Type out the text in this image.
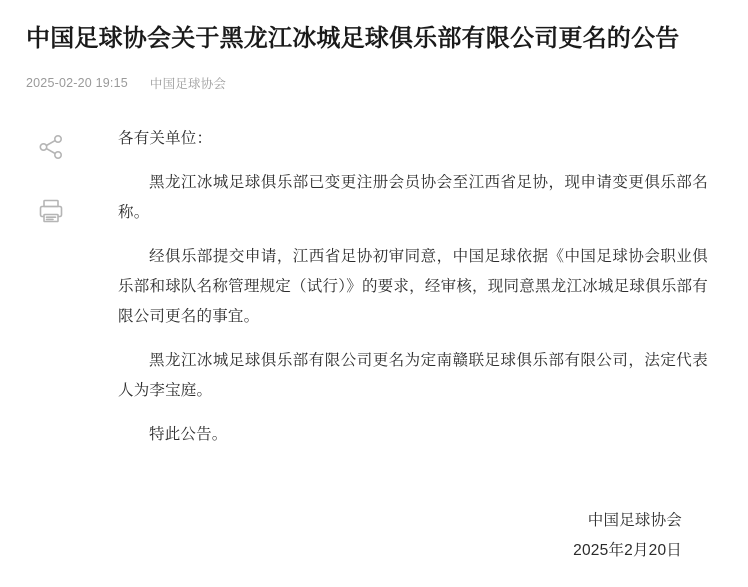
中国足球协会关于黑龙江冰城足球俱乐部有限公司更名的公告
2025-02-20 19:15 中国足球协会

各有关单位：

黑龙江冰城足球俱乐部已变更注册会员协会至江西省足协，现申请变更俱乐部名称。

经俱乐部提交申请，江西省足协初审同意，中国足球依据《中国足球协会职业俱乐部和球队名称管理规定（试行）》的要求，经审核，现同意黑龙江冰城足球俱乐部有限公司更名的事宜。

黑龙江冰城足球俱乐部有限公司更名为定南赣联足球俱乐部有限公司，法定代表人为李宝庭。

特此公告。

中国足球协会
2025年2月20日
